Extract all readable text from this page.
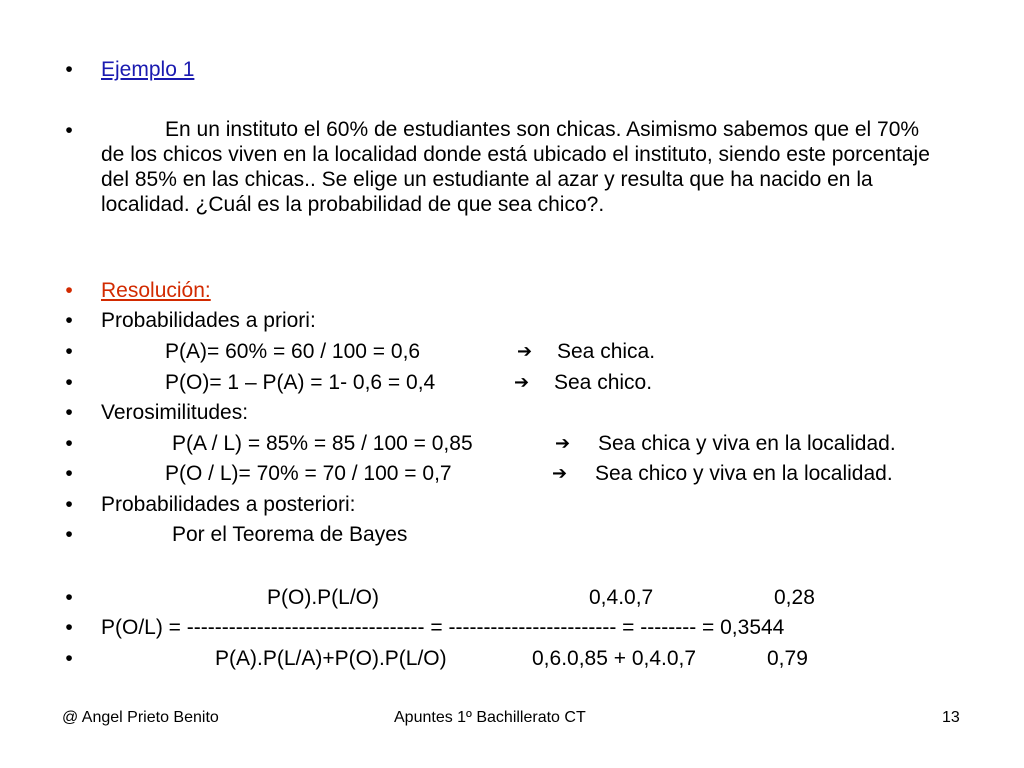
• Ejemplo 1
•	En un instituto el 60% de estudiantes son chicas. Asimismo sabemos que el 70% de los chicos viven en la localidad donde está ubicado el instituto, siendo este porcentaje del 85% en las chicas.. Se elige un estudiante al azar y resulta que ha nacido en la localidad. ¿Cuál es la probabilidad de que sea chico?.
• Resolución:
• Probabilidades a priori:
•	P(A)= 60% = 60 / 100 = 0,6	➔ Sea chica.
•	P(O)= 1 – P(A) = 1- 0,6 = 0,4	➔ Sea chico.
• Verosimilitudes:
•	P(A / L) = 85% = 85 / 100 = 0,85	➔ Sea chica y viva en la localidad.
•	P(O / L)= 70% = 70 / 100 = 0,7	➔ Sea chico y viva en la localidad.
• Probabilidades a posteriori:
•	Por el Teorema de Bayes
•	P(O).P(L/O)	0,4.0,7	0,28
• P(O/L) = ---------------------------------- = ------------------------ = -------- = 0,3544
•	P(A).P(L/A)+P(O).P(L/O)	0,6.0,85 + 0,4.0,7	0,79
@ Angel Prieto Benito	Apuntes 1º Bachillerato CT	13
